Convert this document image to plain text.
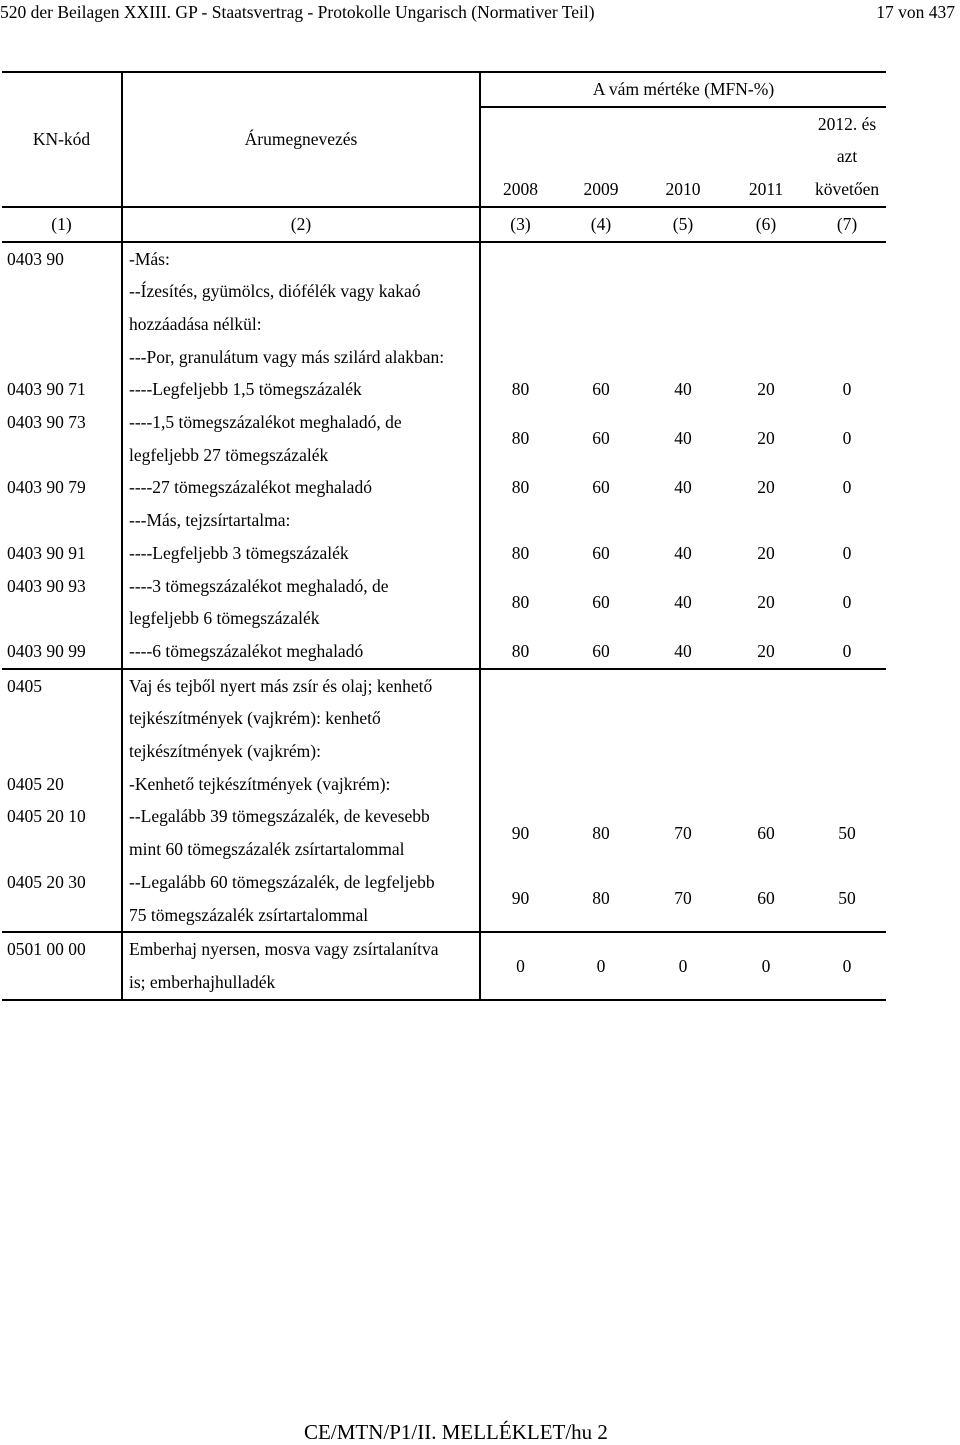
520 der Beilagen XXIII. GP - Staatsvertrag - Protokolle Ungarisch (Normativer Teil)	17 von 437
KN-kód	Árumegnevezés	A vám mértéke (MFN-%)				
		2008	2009	2010	2011	2012. és
azt

						követően
(1)	(2)	(3)	(4)	(5)	(6)	(7)
0403 90	-Más:					

	--Ízesítés, gyümölcs, diófélék vagy kakaó
hozzáadása nélkül:					

	---Por, granulátum vagy más szilárd alakban:					

0403 90 71	----Legfeljebb 1,5 tömegszázalék	80	60	40	20	0
0403 90 73	----1,5 tömegszázalékot meghaladó, de
legfeljebb 27 tömegszázalék	80	60	40	20	0
0403 90 79	----27 tömegszázalékot meghaladó	80	60	40	20	0

	---Más, tejzsírtartalma:					

0403 90 91	----Legfeljebb 3 tömegszázalék	80	60	40	20	0
0403 90 93	----3 tömegszázalékot meghaladó, de
legfeljebb 6 tömegszázalék	80	60	40	20	0
0403 90 99	----6 tömegszázalékot meghaladó	80	60	40	20	0
0405	Vaj és tejből nyert más zsír és olaj; kenhető
tejkészítmények (vajkrém): kenhető
tejkészítmények (vajkrém):					

0405 20	-Kenhető tejkészítmények (vajkrém):					

0405 20 10	--Legalább 39 tömegszázalék, de kevesebb
mint 60 tömegszázalék zsírtartalommal	90	80	70	60	50
0405 20 30	--Legalább 60 tömegszázalék, de legfeljebb
75 tömegszázalék zsírtartalommal	90	80	70	60	50
0501 00 00	Emberhaj nyersen, mosva vagy zsírtalanítva
is; emberhajhulladék	0	0	0	0	0
CE/MTN/P1/II. MELLÉKLET/hu 2
